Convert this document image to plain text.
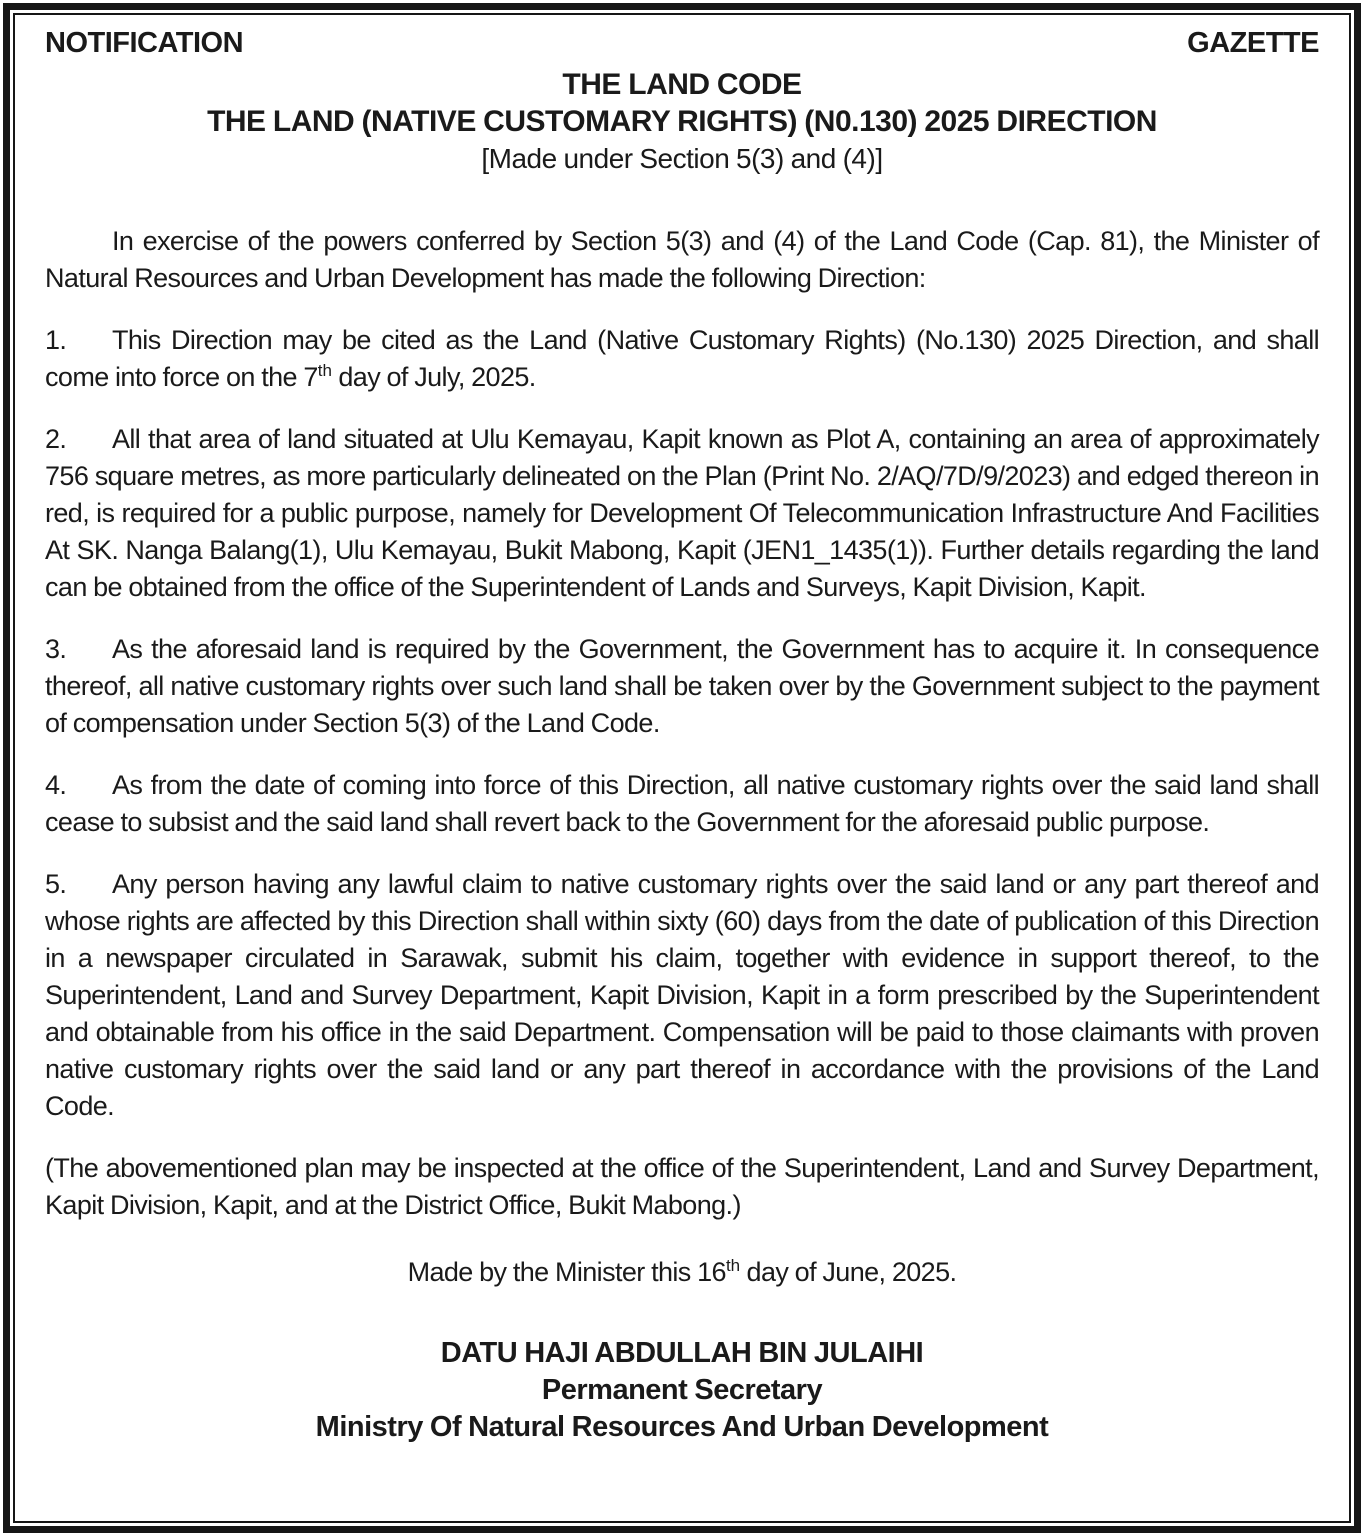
NOTIFICATION	GAZETTE
THE LAND CODE
THE LAND (NATIVE CUSTOMARY RIGHTS) (N0.130) 2025 DIRECTION
[Made under Section 5(3) and (4)]

In exercise of the powers conferred by Section 5(3) and (4) of the Land Code (Cap. 81), the Minister of Natural Resources and Urban Development has made the following Direction:

1. This Direction may be cited as the Land (Native Customary Rights) (No.130) 2025 Direction, and shall come into force on the 7th day of July, 2025.

2. All that area of land situated at Ulu Kemayau, Kapit known as Plot A, containing an area of approximately 756 square metres, as more particularly delineated on the Plan (Print No. 2/AQ/7D/9/2023) and edged thereon in red, is required for a public purpose, namely for Development Of Telecommunication Infrastructure And Facilities At SK. Nanga Balang(1), Ulu Kemayau, Bukit Mabong, Kapit (JEN1_1435(1)). Further details regarding the land can be obtained from the office of the Superintendent of Lands and Surveys, Kapit Division, Kapit.

3. As the aforesaid land is required by the Government, the Government has to acquire it. In consequence thereof, all native customary rights over such land shall be taken over by the Government subject to the payment of compensation under Section 5(3) of the Land Code.

4. As from the date of coming into force of this Direction, all native customary rights over the said land shall cease to subsist and the said land shall revert back to the Government for the aforesaid public purpose.

5. Any person having any lawful claim to native customary rights over the said land or any part thereof and whose rights are affected by this Direction shall within sixty (60) days from the date of publication of this Direction in a newspaper circulated in Sarawak, submit his claim, together with evidence in support thereof, to the Superintendent, Land and Survey Department, Kapit Division, Kapit in a form prescribed by the Superintendent and obtainable from his office in the said Department. Compensation will be paid to those claimants with proven native customary rights over the said land or any part thereof in accordance with the provisions of the Land Code.

(The abovementioned plan may be inspected at the office of the Superintendent, Land and Survey Department, Kapit Division, Kapit, and at the District Office, Bukit Mabong.)

Made by the Minister this 16th day of June, 2025.

DATU HAJI ABDULLAH BIN JULAIHI
Permanent Secretary
Ministry Of Natural Resources And Urban Development
